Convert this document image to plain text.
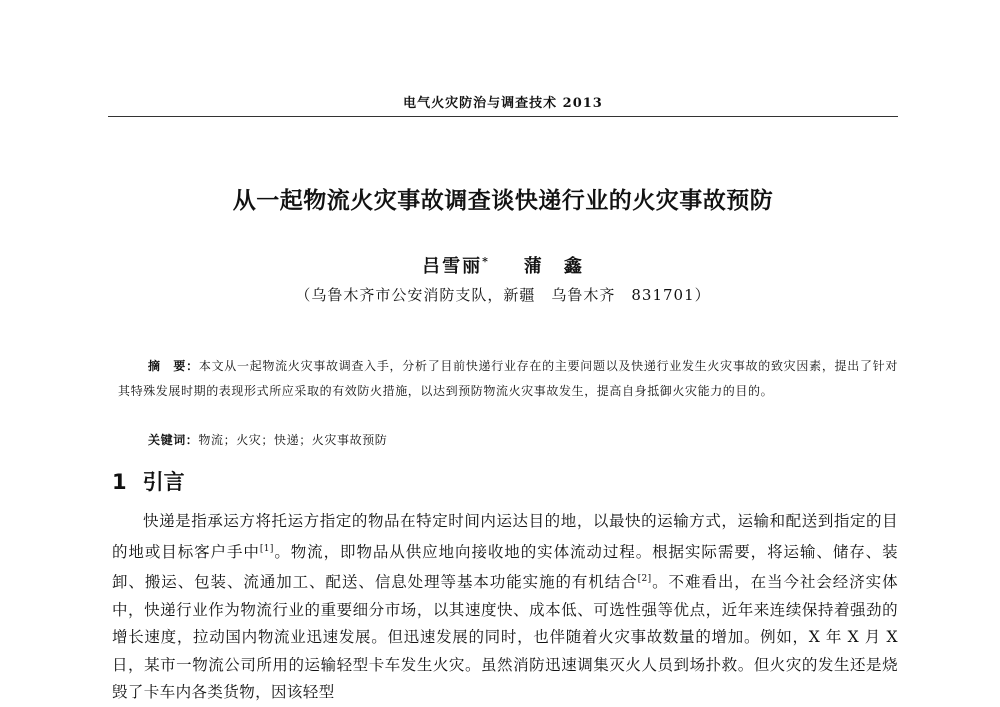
电气火灾防治与调查技术 2013
从一起物流火灾事故调查谈快递行业的火灾事故预防
吕雪丽* 蒲　鑫
（乌鲁木齐市公安消防支队，新疆　乌鲁木齐　831701）
摘　要：本文从一起物流火灾事故调查入手，分析了目前快递行业存在的主要问题以及快递行业发生火灾事故的致灾因素，提出了针对其特殊发展时期的表现形式所应采取的有效防火措施，以达到预防物流火灾事故发生，提高自身抵御火灾能力的目的。
关键词：物流；火灾；快递；火灾事故预防
1 引言

快递是指承运方将托运方指定的物品在特定时间内运达目的地，以最快的运输方式，运输和配送到指定的目的地或目标客户手中[1]。物流，即物品从供应地向接收地的实体流动过程。根据实际需要，将运输、储存、装卸、搬运、包装、流通加工、配送、信息处理等基本功能实施的有机结合[2]。不难看出，在当今社会经济实体中，快递行业作为物流行业的重要细分市场，以其速度快、成本低、可选性强等优点，近年来连续保持着强劲的增长速度，拉动国内物流业迅速发展。但迅速发展的同时，也伴随着火灾事故数量的增加。例如，X 年 X 月 X 日，某市一物流公司所用的运输轻型卡车发生火灾。虽然消防迅速调集灭火人员到场扑救。但火灾的发生还是烧毁了卡车内各类货物，因该轻型
